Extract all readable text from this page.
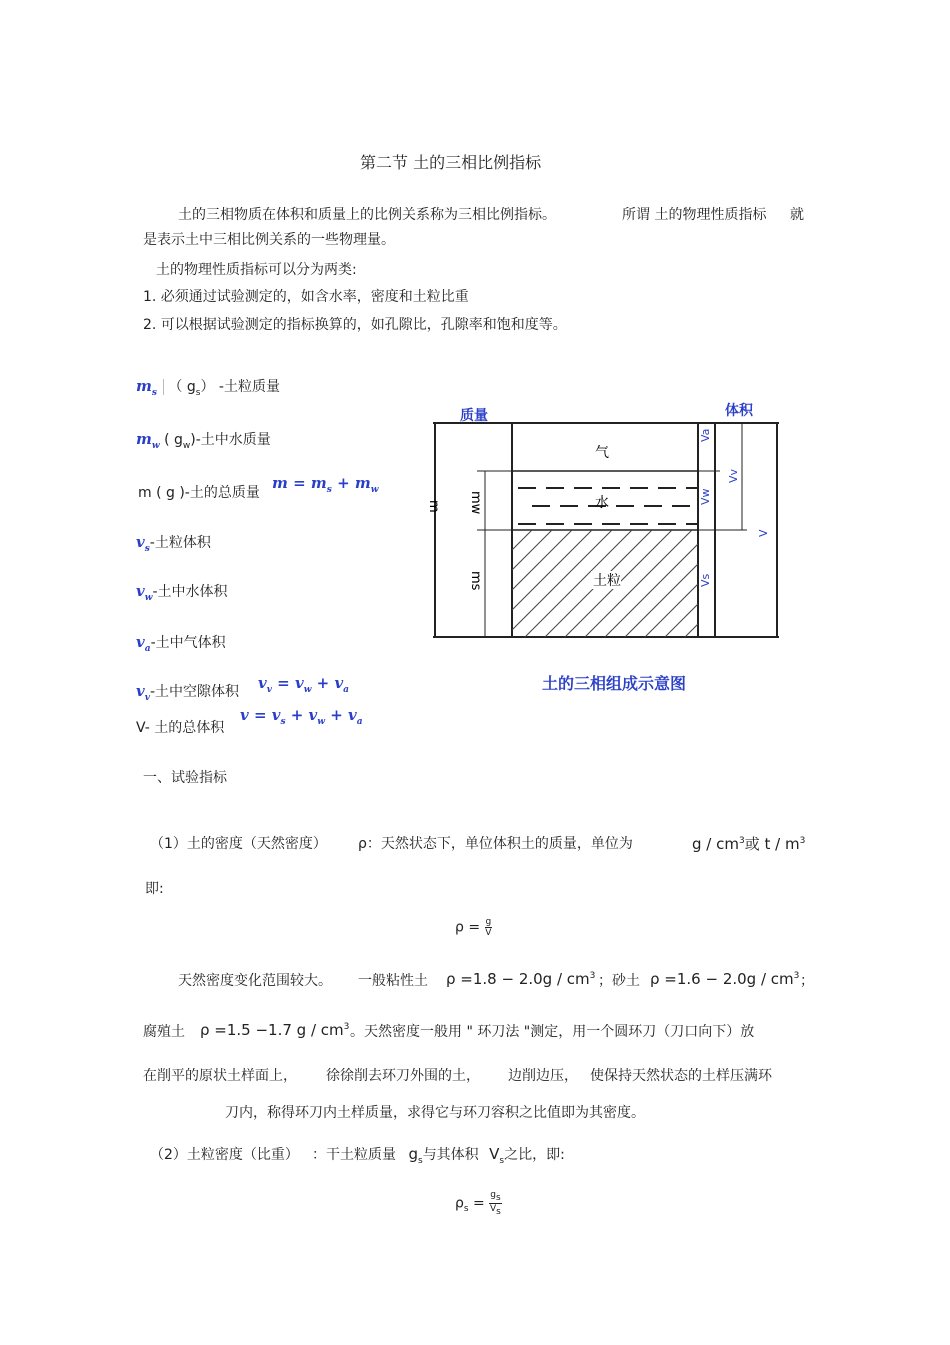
第二节 土的三相比例指标
土的三相物质在体积和质量上的比例关系称为三相比例指标。	所谓 土的物理性质指标 就
是表示土中三相比例关系的一些物理量。
土的物理性质指标可以分为两类:
1. 必须通过试验测定的，如含水率，密度和土粒比重
2. 可以根据试验测定的指标换算的，如孔隙比，孔隙率和饱和度等。
$m_s$ （ $g_s$） -土粒质量
$m_w$ ( $g_w)-$土中水质量
m ( g )-土的总质量
$m = m_s + m_w$
$v_s-$土粒体积
$v_w-$土中水体积
$v_a-$土中气体积
$v_v-$土中空隙体积 $v_v = v_w + v_a$
V- 土的总体积
$v = v_s + v_w + v_a$
质量	体积
m mw
ms
气
水
土粒
Va
Vw
Vs
Vv
V
土的三相组成示意图
一、试验指标
（1）土的密度（天然密度） ρ：天然状态下，单位体积土的质量，单位为	g / $cm^3$或 t / $m^3$
即:
$\rho = \frac{g}{V}$
天然密度变化范围较大。 一般粘性土 $\rho =1.8 - 2.0g / cm^3$ ；砂土 $\rho =1.6 - 2.0g / cm^3$ ；
腐殖土 ρ =1.5 −1.7 g / $cm^3$ 。天然密度一般用 " 环刀法 "测定，用一个圆环刀（刀口向下）放
在削平的原状土样面上， 徐徐削去环刀外围的土， 边削边压， 使保持天然状态的土样压满环
刀内，称得环刀内土样质量，求得它与环刀容积之比值即为其密度。
（2）土粒密度（比重） ：干土粒质量 $g_s$与其体积 $V_s$之比，即:
$\rho_s = \frac{g_s}{V_s}$
